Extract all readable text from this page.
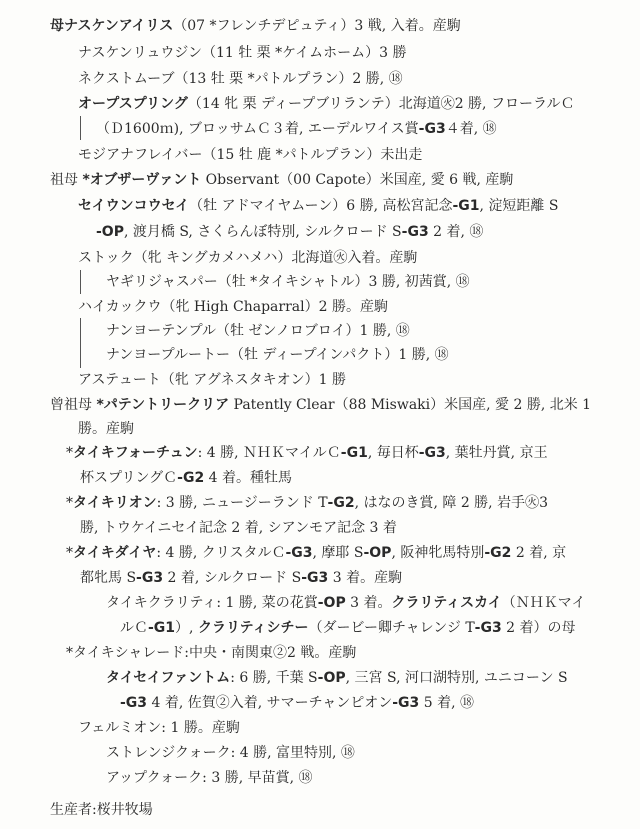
母ナスケンアイリス（07 *フレンチデピュティ）3 戦, 入着。産駒
ナスケンリュウジン（11 牡 栗 *ケイムホーム）3 勝
ネクストムーブ（13 牡 栗 *パトルプラン）2 勝, ⑱
オープスプリング（14 牝 栗 ディープブリランテ）北海道㊋2 勝, フローラルＣ
（Ｄ1600ｍ), ブロッサムＣ３着, エーデルワイス賞-G3４着, ⑱
モジアナフレイバー（15 牡 鹿 *パトルプラン）未出走
祖母 *オブザーヴァント Observant（00 Capote）米国産, 愛 6 戦, 産駒
セイウンコウセイ（牡 アドマイヤムーン）6 勝, 高松宮記念-G1, 淀短距離 S
-OP, 渡月橋 S, さくらんぼ特別, シルクロード S-G3 2 着, ⑱
ストック（牝 キングカメハメハ）北海道㊋入着。産駒
ヤギリジャスパー（牡 *タイキシャトル）3 勝, 初茜賞, ⑱
ハイカックウ（牝 High Chaparral）2 勝。産駒
ナンヨーテンプル（牡 ゼンノロブロイ）1 勝, ⑱
ナンヨープルートー（牡 ディープインパクト）1 勝, ⑱
アステュート（牝 アグネスタキオン）1 勝
曾祖母 *パテントリークリア Patently Clear（88 Miswaki）米国産, 愛 2 勝, 北米 1
勝。産駒
*タイキフォーチュン: 4 勝, ＮＨＫマイルＣ-G1, 毎日杯-G3, 葉牡丹賞, 京王
杯スプリングＣ-G2 4 着。種牡馬
*タイキリオン: 3 勝, ニュージーランド T-G2, はなのき賞, 障 2 勝, 岩手㊋3
勝, トウケイニセイ記念 2 着, シアンモア記念 3 着
*タイキダイヤ: 4 勝, クリスタルＣ-G3, 摩耶 S-OP, 阪神牝馬特別-G2 2 着, 京
都牝馬 S-G3 2 着, シルクロード S-G3 3 着。産駒
タイキクラリティ: 1 勝, 菜の花賞-OP 3 着。クラリティスカイ（ＮＨＫマイ
ルＣ-G1）, クラリティシチー（ダービー卿チャレンジ T-G3 2 着）の母
*タイキシャレード:中央・南関東②2 戦。産駒
タイセイファントム: 6 勝, 千葉 S-OP, 三宮 S, 河口湖特別, ユニコーン S
-G3 4 着, 佐賀②入着, サマーチャンピオン-G3 5 着, ⑱
フェルミオン: 1 勝。産駒
ストレンジクォーク: 4 勝, 富里特別, ⑱
アップクォーク: 3 勝, 早苗賞, ⑱
生産者:桜井牧場
